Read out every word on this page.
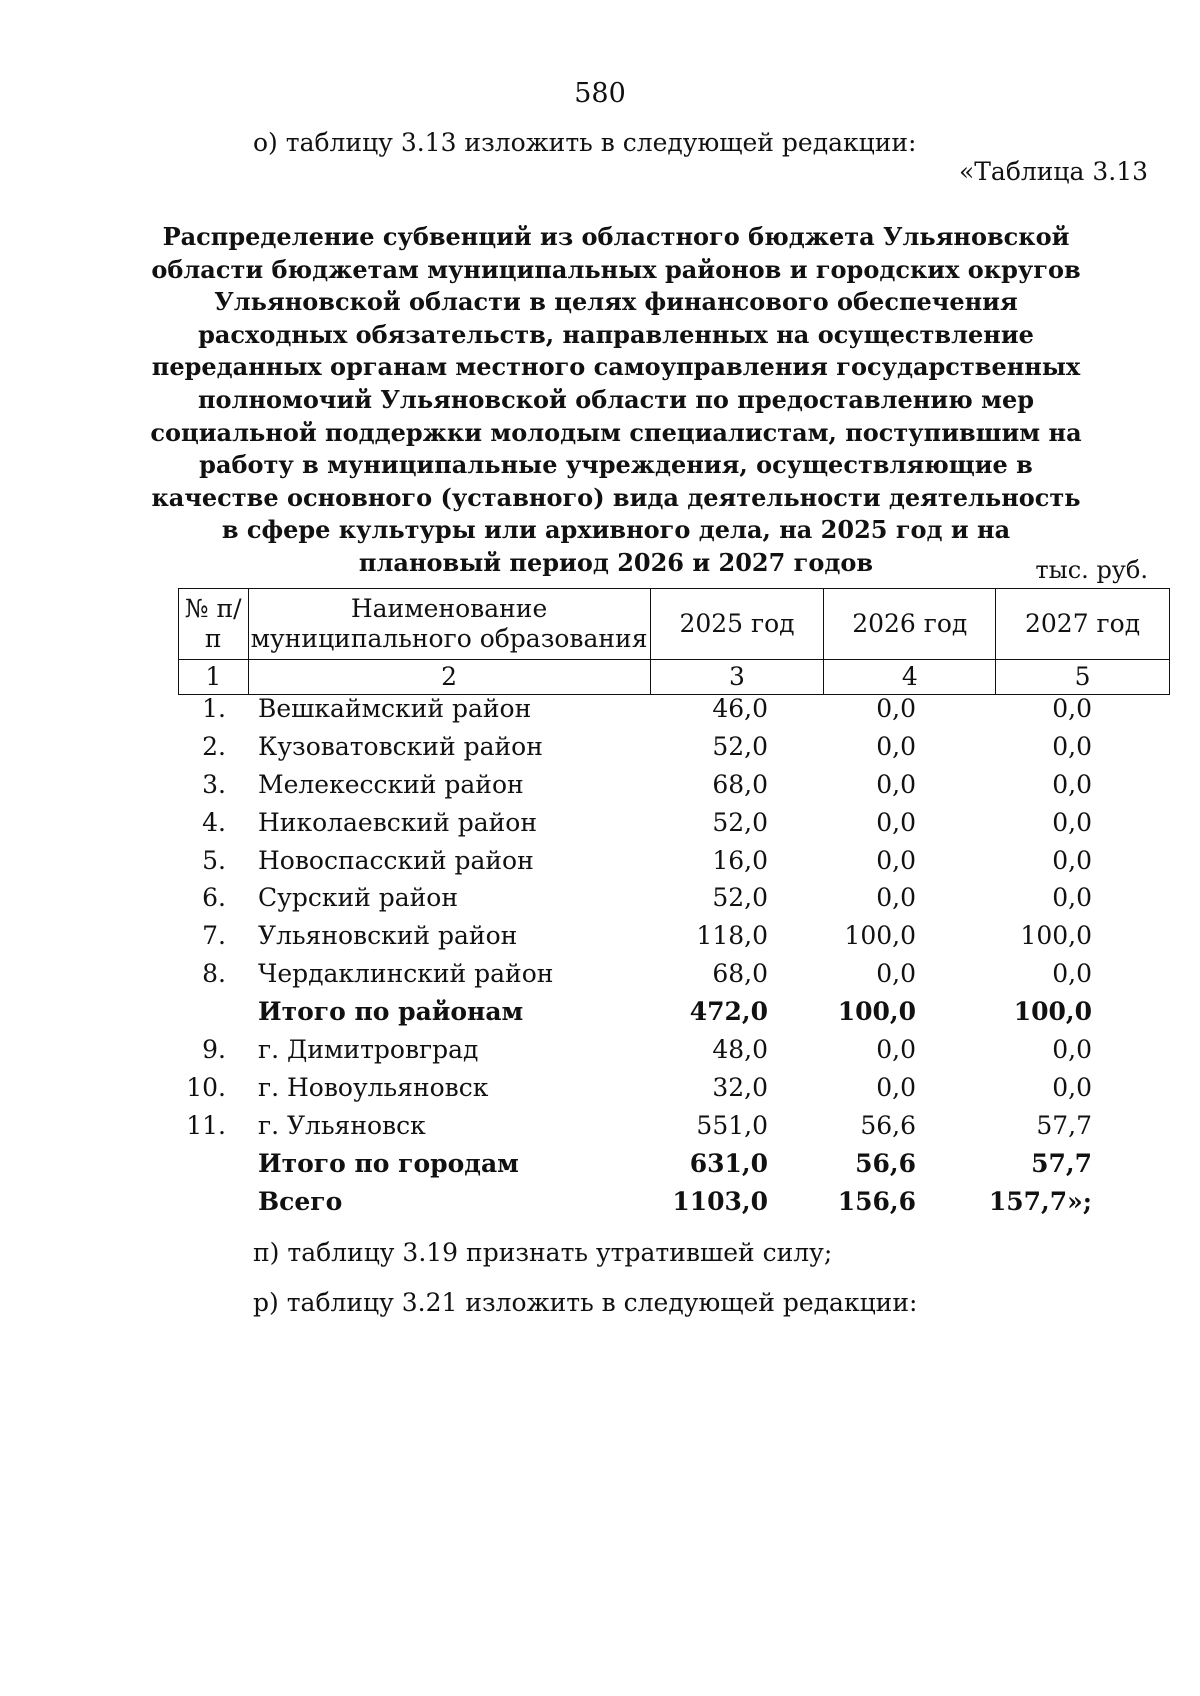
580
о) таблицу 3.13 изложить в следующей редакции:
«Таблица 3.13
Распределение субвенций из областного бюджета Ульяновской области бюджетам муниципальных районов и городских округов Ульяновской области в целях финансового обеспечения расходных обязательств, направленных на осуществление переданных органам местного самоуправления государственных полномочий Ульяновской области по предоставлению мер социальной поддержки молодым специалистам, поступившим на работу в муниципальные учреждения, осуществляющие в качестве основного (уставного) вида деятельности деятельность в сфере культуры или архивного дела, на 2025 год и на плановый период 2026 и 2027 годов	тыс. руб.
№ п/п	Наименование муниципального образования	2025 год	2026 год	2027 год
1	2	3	4	5
1. Вешкаймский район	46,0	0,0	0,0
2. Кузоватовский район	52,0	0,0	0,0
3. Мелекесский район	68,0	0,0	0,0
4. Николаевский район	52,0	0,0	0,0
5. Новоспасский район	16,0	0,0	0,0
6. Сурский район	52,0	0,0	0,0
7. Ульяновский район	118,0	100,0	100,0
8. Чердаклинский район	68,0	0,0	0,0
Итого по районам	472,0	100,0	100,0
9. г. Димитровград	48,0	0,0	0,0
10. г. Новоульяновск	32,0	0,0	0,0
11. г. Ульяновск	551,0	56,6	57,7
Итого по городам	631,0	56,6	57,7
Всего	1103,0	156,6	157,7»;
п) таблицу 3.19 признать утратившей силу;
р) таблицу 3.21 изложить в следующей редакции:
